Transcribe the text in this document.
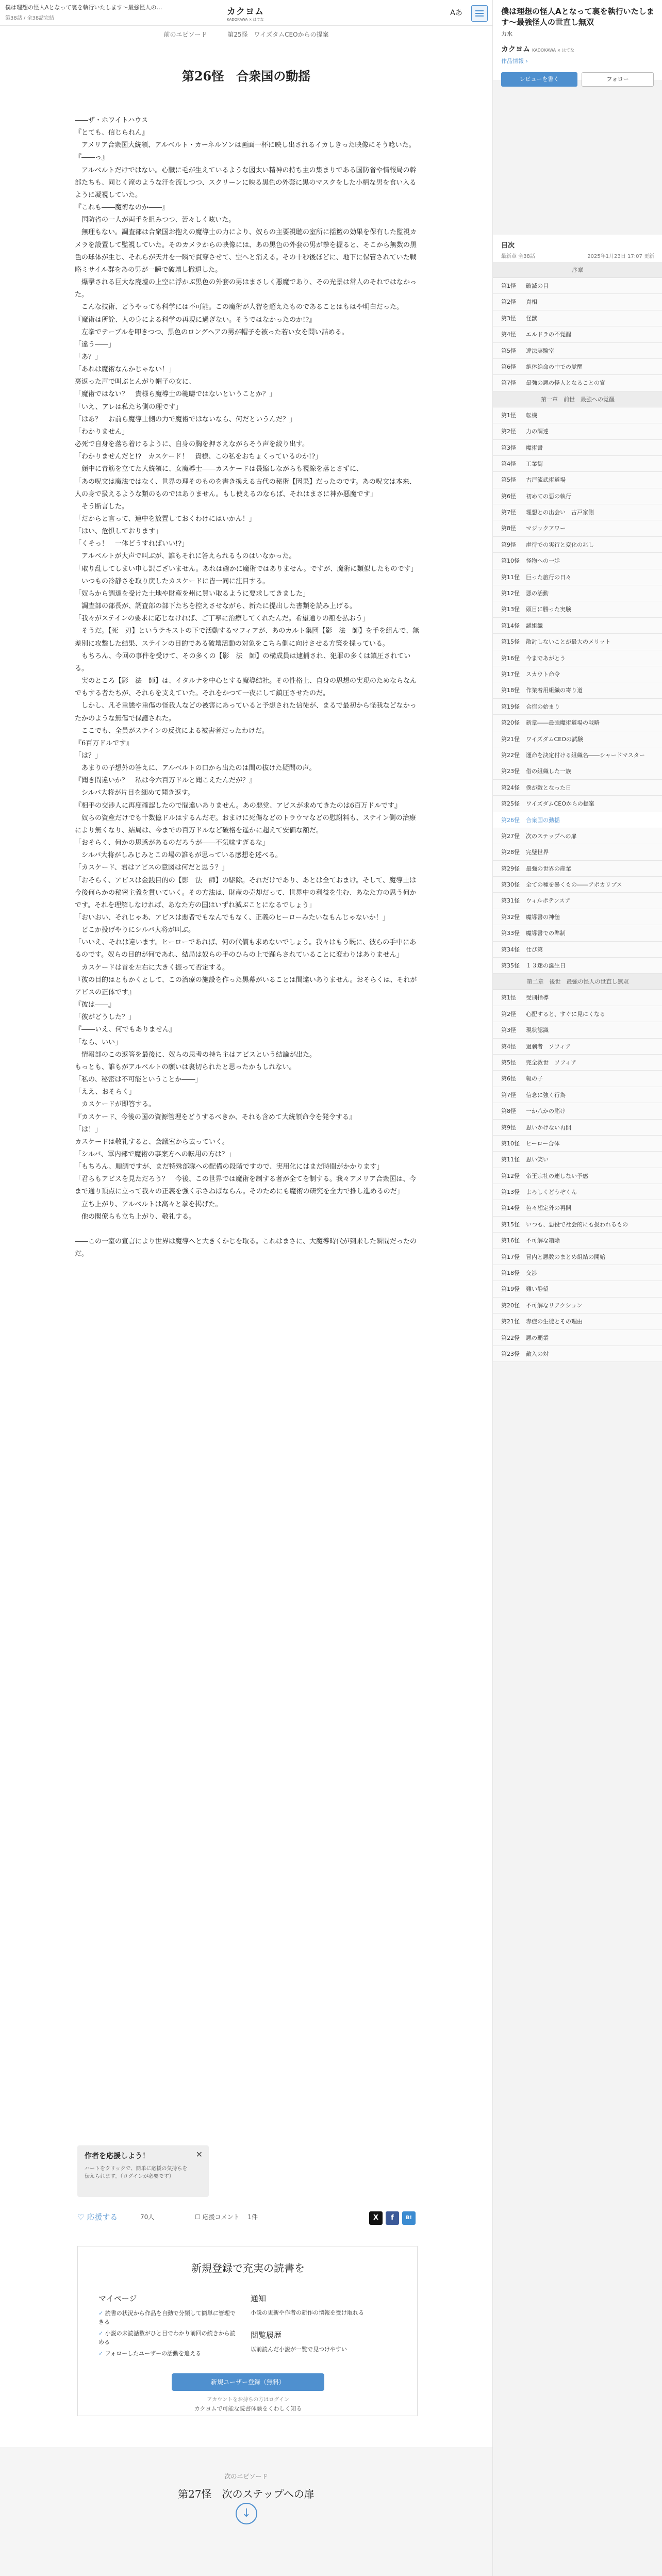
僕は理想の怪人Aとなって裏を執行いたします〜最強怪人の…
第38話 / 全38話完結
カクヨム
KADOKAWA × はてな
Aあ
前のエピソード	第25怪　ワイズタムCEOからの提案
第26怪　合衆国の動揺

――ザ・ホワイトハウス

『とても、信じられん』

　アメリア合衆国大統領、アルベルト・カーネルソンは画面一杯に映し出されるイカしきった映像にそう唸いた。

『――っ』

　アルベルトだけではない。心臓に毛が生えているような図太い精神の持ち主の集まりである国防省や情報局の幹部たちも、同じく滝のような汗を流しつつ、スクリーンに映る黒色の外套に黒のマスクをした小柄な男を食い入るように凝視していた。

『これも――魔術なのか――』

　国防省の一人が両手を組みつつ、苦々しく呟いた。

　無理もない。調査部は合衆国お抱えの魔導士の力により、奴らの主要視聴の室所に揺籃の効果を保有した監視カメラを設置して監視していた。そのカメラからの映像には、あの黒色の外套の男が拳を握ると、そこから無数の黒色の球体が生じ、それらが天井を一瞬で貫穿させて、空へと消える。その十秒後ほどに、地下に保管されていた戦略ミサイル群をあの男が一瞬で破壊し撤退した。

　爆撃される巨大な廃墟の上空に浮かぶ黒色の外套の男はまさしく悪魔であり、その光景は常人のそれではなかった。

　こんな技術、どうやっても科学には不可能。この魔術が人智を超えたものであることはもはや明白だった。

『魔術は所詮、人の身による科学の再現に過ぎない。そうではなかったのか!?』

　左拳でテーブルを叩きつつ、黒色のロングヘアの男が帽子を被った若い女を問い詰める。

「違う――」

「あ？」

「あれは魔術なんかじゃない！」

裏返った声で叫ぶとんがり帽子の女に、

「魔術ではない？　貴様ら魔導士の範疇ではないということか？」

「いえ、アレは私たち側の理です」

「はあ？　お前ら魔導士側の力で魔術ではないなら、何だというんだ？」

「わかりません」

必死で自身を落ち着けるように、自身の胸を押さえながらそう声を絞り出す。

「わかりませんだと!?　カスケード！　貴様、この私をおちょくっているのか!?」

　顔中に青筋を立てた大統領に、女魔導士――カスケードは畏縮しながらも視線を落とさずに、

「あの呪文は魔法ではなく、世界の理そのものを書き換える古代の秘術【因果】だったのです。あの呪文は本来、人の身で扱えるような類のものではありません。もし使えるのならば、それはまさに神か悪魔です」

　そう断言した。

「だからと言って、連中を放置しておくわけにはいかん！」

「はい、危惧しております」

「くそっ！　一体どうすればいい!?」

　アルベルトが大声で叫ぶが、誰もそれに答えられるものはいなかった。

「取り乱してしまい申し訳ございません。あれは確かに魔術ではありません。ですが、魔術に類似したものです」

　いつもの冷静さを取り戻したカスケードに皆一同に注目する。

「奴らから調達を受けた土地や財産を州に買い取るように要求してきました」

　調査部の部長が、調査部の部下たちを控えさせながら、新たに提出した書類を読み上げる。

「我々がステインの要求に応じなければ、ご丁寧に治療してくれたんだ。希望通りの額を払おう」

　そうだ。【死　刃】というテキストの下で活動するマフィアが、あのカルト集団【影　法　師】を手を組んで、無差別に攻撃した結果、ステインの目的である破壊活動の対象をこちら側に向けさせる方策を採っている。

　もちろん、今回の事件を受けて、その多くの【影　法　師】の構成員は逮捕され、犯罪の多くは鎮圧されている。

　実のところ【影　法　師】は、イタルナを中心とする魔導結社。その性格上、自身の思想の実現のためならなんでもする者たちが、それらを支えていた。それをかつて一夜にして鎮圧させたのだ。

　しかし、凡そ重態や重傷の怪我人などの被害にあっていると予想された信徒が、まるで最初から怪我などなかったかのような無傷で保護された。

　ここでも、全員がステインの反抗による被害者だったわけだ。

『6百万ドルです』

「は？」

　あまりの予想外の答えに、アルベルトの口から出たのは間の抜けた疑問の声。

『聞き間違いか？　私は今六百万ドルと聞こえたんだが？』

　シルバ大将が片目を細めて聞き返す。

『相手の交渉人に再度確認したので間違いありません。あの悪党、アビスが求めてきたのは6百万ドルです』

　奴らの資産だけでも十数億ドルはするんだぞ。おまけに死傷などのトラウマなどの慰謝料も、ステイン側の治療により無くなり、結局は、今までの百万ドルなど破格を遥かに超えて安価な額だ。

「おそらく、何かの思惑があるのだろうが――不気味すぎるな」

　シルバ大将がしみじみとこの場の誰もが思っている感想を述べる。

「カスケード、君はアビスの意図は何だと思う？」

「おそらく、アビスは金銭目的の【影　法　師】の駆除。それだけであり、あとは全ておまけ。そして、魔導士は今後何らかの秘密主義を貫いていく。その方法は、財産の売却だって、世界中の利益を生む、あなた方の思う何かです。それを理解しなければ、あなた方の国はいずれ滅ぶことになるでしょう」

「おいおい、それじゃあ、アビスは悪者でもなんでもなく、正義のヒーローみたいなもんじゃないか！」

　どこか投げやりにシルバ大将が叫ぶ。

「いいえ、それは違います。ヒーローであれば、何の代償も求めないでしょう。我々はもう既に、彼らの手中にあるのです。奴らの目的が何であれ、結局は奴らの手のひらの上で踊らされていることに変わりはありません」

　カスケードは首を左右に大きく振って否定する。

『彼の目的はともかくとして、この治療の施設を作った黒幕がいることは間違いありません。おそらくは、それがアビスの正体です』

『彼は――』

「彼がどうした？」

『――いえ、何でもありません』

「なら、いい」

　情報部のこの返答を最後に、奴らの思考の持ち主はアビスという結論が出た。

もっとも、誰もがアルベルトの願いは裏切られたと思ったかもしれない。

「私の、秘密は不可能ということか――」

「ええ、おそらく」

　カスケードが即答する。

『カスケード、今後の国の資源管理をどうするべきか、それも含めて大統領命令を発令する』

「は！」

カスケードは敬礼すると、会議室から去っていく。

「シルバ、軍内部で魔術の事案方への転用の方は？」

「もちろん、順調ですが、まだ特殊部隊への配備の段階ですので、実用化にはまだ時間がかかります」

「君らもアビスを見ただろう？　今後、この世界では魔術を制する者が全てを制する。我々アメリア合衆国は、今まで通り頂点に立って我々の正義を強く示さねばならん。そのためにも魔術の研究を全力で推し進めるのだ」

　立ち上がり、アルベルトは高々と拳を掲げた。

　他の閣僚らも立ち上がり、敬礼する。

――この一室の宣言により世界は魔導へと大きくかじを取る。これはまさに、大魔導時代が到来した瞬間だったのだ。

作者を応援しよう！
ハートをクリックで、簡単に応援の気持ちを伝えられます。（ログインが必要です）
✕
♡ 応援する	70人	☐ 応援コメント 1件	X	f	B!
新規登録で充実の読書を
マイページ
✓ 読書の状況から作品を自動で分類して簡単に管理できる
✓ 小説の未読話数がひと目でわかり前回の続きから読める
✓ フォローしたユーザーの活動を追える
通知

小説の更新や作者の新作の情報を受け取れる

閲覧履歴

以前読んだ小説が一覧で見つけやすい

新規ユーザー登録（無料）
アカウントをお持ちの方はログイン
カクヨムで可能な読書体験をくわしく知る
次のエピソード
第27怪　次のステップへの扉
↓
僕は理想の怪人Aとなって裏を執行いたします〜最強怪人の世直し無双
力水
カクヨム KADOKAWA × はてな
作品情報 ›
レビューを書く	フォロー
目次
最新章 全38話	2025年1月23日 17:07 更新
序章
第1怪 破滅の目
第2怪 真相
第3怪 怪獣
第4怪 エルドラの不覚醒
第5怪 違法実験室
第6怪 絶体絶命の中での覚醒
第7怪 最強の悪の怪人となることの宣
第一章　前世　最強への覚醒
第1怪 転機
第2怪 力の調達
第3怪 魔術書
第4怪 工業街
第5怪 古戸流武術道場
第6怪 初めての悪の執行
第7怪 理想との出会い　古戸家側
第8怪 マジックアワー
第9怪 虐待での実行と変化の兆し
第10怪 怪物への一歩
第11怪 巨った旅行の日々
第12怪 悪の活動
第13怪 頭目に勝った実験
第14怪 謎組織
第15怪 散討しないことが最大のメリット
第16怪 今まであがとう
第17怪 スカウト命令
第18怪 作業着用組織の寄り道
第19怪 合宿の始まり
第20怪 新章――最強魔術道場の戦略
第21怪 ワイズダムCEOの試験
第22怪 運命を決定付ける組織名――シャードマスター
第23怪 借の組織した一族
第24怪 僕が敵となった日
第25怪 ワイズダムCEOからの提案
第26怪 合衆国の動揺
第27怪 次のステップへの扉
第28怪 完璧世界
第29怪 最強の世界の産業
第30怪 全ての種を暴くもの――アポカリプス
第31怪 ウィルポテンスア
第32怪 魔導書の神髄
第33怪 魔導書での準制
第34怪 仕び第
第35怪 １３迷の誕生日
第二章　後世　最強の怪人の世直し無双
第1怪 受刑指導
第2怪 心配すると、すぐに見にくなる
第3怪 現状認識
第4怪 過剰者　ソフィア
第5怪 完全救世　ソフィア
第6怪 報の子
第7怪 信念に強く行為
第8怪 一か八かの賭け
第9怪 思いかけない再開
第10怪 ヒーロー合体
第11怪 思い笑い
第12怪 帝王宗社の連しない予感
第13怪 よろしくどうぞくん
第14怪 色々想定外の再開
第15怪 いつも、悪役で社会的にも扱われるもの
第16怪 不可解な箱除
第17怪 冒内と悪数のまとめ組結の開始
第18怪 交渉
第19怪 難い静望
第20怪 不可解なリアクション
第21怪 赤症の生徒とその理由
第22怪 悪の覇業
第23怪 敵入の対
